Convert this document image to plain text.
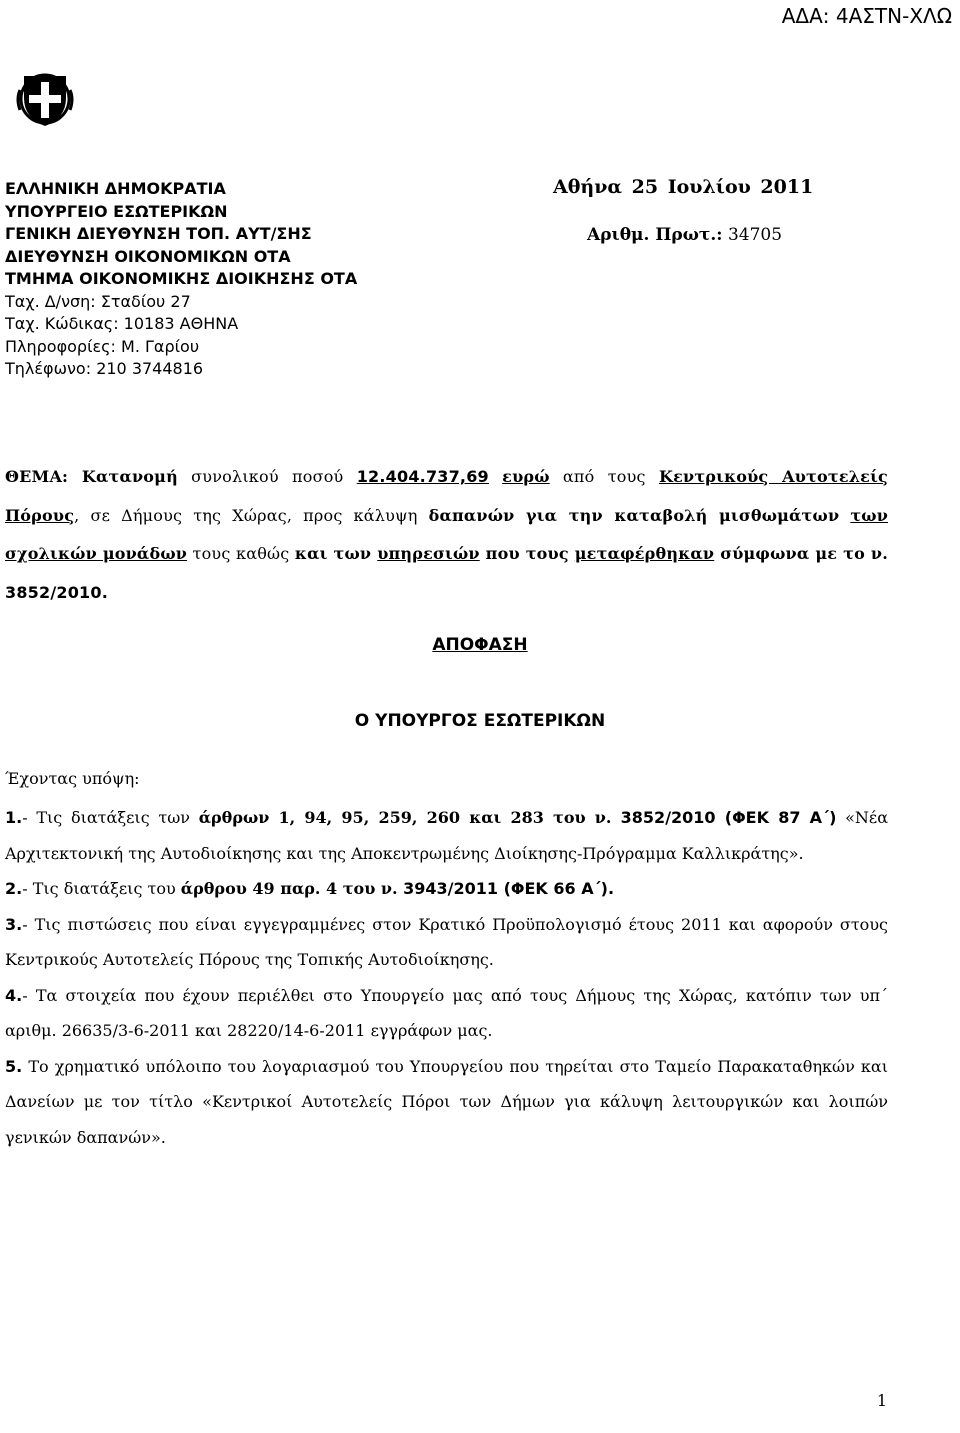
ΑΔΑ: 4ΑΣΤΝ-ΧΛΩ
ΕΛΛΗΝΙΚΗ ΔΗΜΟΚΡΑΤΙΑ
ΥΠΟΥΡΓΕΙΟ ΕΣΩΤΕΡΙΚΩΝ
ΓΕΝΙΚΗ ΔΙΕΥΘΥΝΣΗ ΤΟΠ. ΑΥΤ/ΣΗΣ
ΔΙΕΥΘΥΝΣΗ ΟΙΚΟΝΟΜΙΚΩΝ ΟΤΑ
ΤΜΗΜΑ ΟΙΚΟΝΟΜΙΚΗΣ ΔΙΟΙΚΗΣΗΣ ΟΤΑ
Ταχ. Δ/νση: Σταδίου 27
Ταχ. Κώδικας: 10183 ΑΘΗΝΑ
Πληροφορίες: Μ. Γαρίου
Τηλέφωνο: 210 3744816
Αθήνα 25 Ιουλίου 2011
Αριθμ. Πρωτ.: 34705
ΘΕΜΑ: Κατανομή συνολικού ποσού 12.404.737,69 ευρώ από τους Κεντρικούς Αυτοτελείς Πόρους, σε Δήμους της Χώρας, προς κάλυψη δαπανών για την καταβολή μισθωμάτων των σχολικών μονάδων τους καθώς και των υπηρεσιών που τους μεταφέρθηκαν σύμφωνα με το ν. 3852/2010.
ΑΠΟΦΑΣΗ
Ο ΥΠΟΥΡΓΟΣ ΕΣΩΤΕΡΙΚΩΝ
Έχοντας υπόψη:

1.- Τις διατάξεις των άρθρων 1, 94, 95, 259, 260 και 283 του ν. 3852/2010 (ΦΕΚ 87 Α΄) «Νέα Αρχιτεκτονική της Αυτοδιοίκησης και της Αποκεντρωμένης Διοίκησης-Πρόγραμμα Καλλικράτης».

2.- Τις διατάξεις του άρθρου 49 παρ. 4 του ν. 3943/2011 (ΦΕΚ 66 Α΄).

3.- Τις πιστώσεις που είναι εγγεγραμμένες στον Κρατικό Προϋπολογισμό έτους 2011 και αφορούν στους Κεντρικούς Αυτοτελείς Πόρους της Τοπικής Αυτοδιοίκησης.

4.- Τα στοιχεία που έχουν περιέλθει στο Υπουργείο μας από τους Δήμους της Χώρας, κατόπιν των υπ΄ αριθμ. 26635/3-6-2011 και 28220/14-6-2011 εγγράφων μας.

5. Το χρηματικό υπόλοιπο του λογαριασμού του Υπουργείου που τηρείται στο Ταμείο Παρακαταθηκών και Δανείων με τον τίτλο «Κεντρικοί Αυτοτελείς Πόροι των Δήμων για κάλυψη λειτουργικών και λοιπών γενικών δαπανών».

1
